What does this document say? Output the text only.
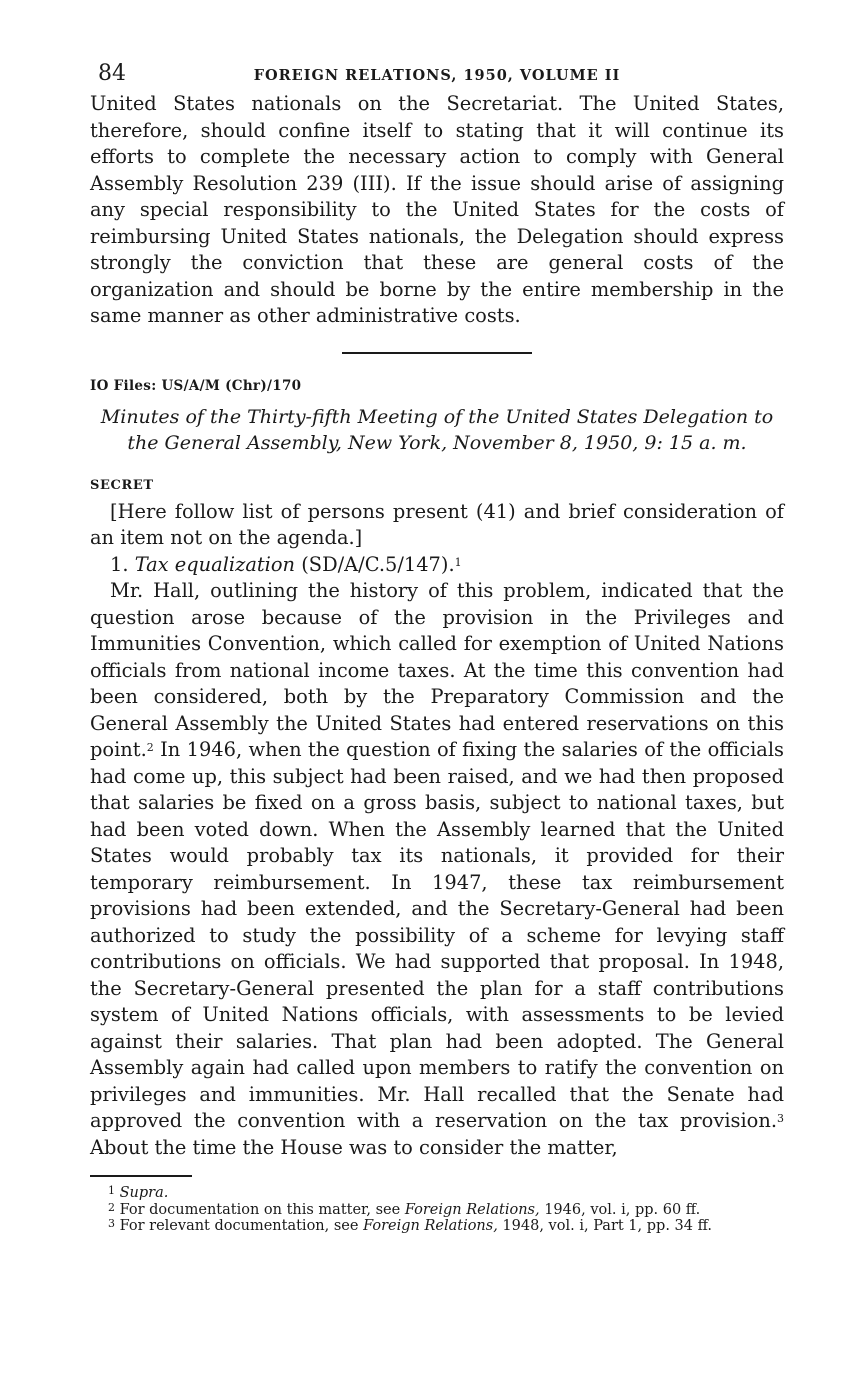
84	FOREIGN RELATIONS, 1950, VOLUME II

United States nationals on the Secretariat. The United States, therefore, should confine itself to stating that it will continue its efforts to complete the necessary action to comply with General Assembly Resolution 239 (III). If the issue should arise of assigning any special responsibility to the United States for the costs of reimbursing United States nationals, the Delegation should express strongly the conviction that these are general costs of the organization and should be borne by the entire membership in the same manner as other administrative costs.

IO Files: US/A/M (Chr)/170

Minutes of the Thirty-fifth Meeting of the United States Delegation to the General Assembly, New York, November 8, 1950, 9: 15 a. m.

SECRET

[Here follow list of persons present (41) and brief consideration of an item not on the agenda.]

1. Tax equalization (SD/A/C.5/147).$^1$

Mr. Hall, outlining the history of this problem, indicated that the question arose because of the provision in the Privileges and Immunities Convention, which called for exemption of United Nations officials from national income taxes. At the time this convention had been considered, both by the Preparatory Commission and the General Assembly the United States had entered reservations on this point.$^2$ In 1946, when the question of fixing the salaries of the officials had come up, this subject had been raised, and we had then proposed that salaries be fixed on a gross basis, subject to national taxes, but had been voted down. When the Assembly learned that the United States would probably tax its nationals, it provided for their temporary reimbursement. In 1947, these tax reimbursement provisions had been extended, and the Secretary-General had been authorized to study the possibility of a scheme for levying staff contributions on officials. We had supported that proposal. In 1948, the Secretary-General presented the plan for a staff contributions system of United Nations officials, with assessments to be levied against their salaries. That plan had been adopted. The General Assembly again had called upon members to ratify the convention on privileges and immunities. Mr. Hall recalled that the Senate had approved the convention with a reservation on the tax provision.$^3$ About the time the House was to consider the matter,

$^1$ Supra.

$^2$ For documentation on this matter, see Foreign Relations, 1946, vol. i, pp. 60 ff.

$^3$ For relevant documentation, see Foreign Relations, 1948, vol. i, Part 1, pp. 34 ff.
